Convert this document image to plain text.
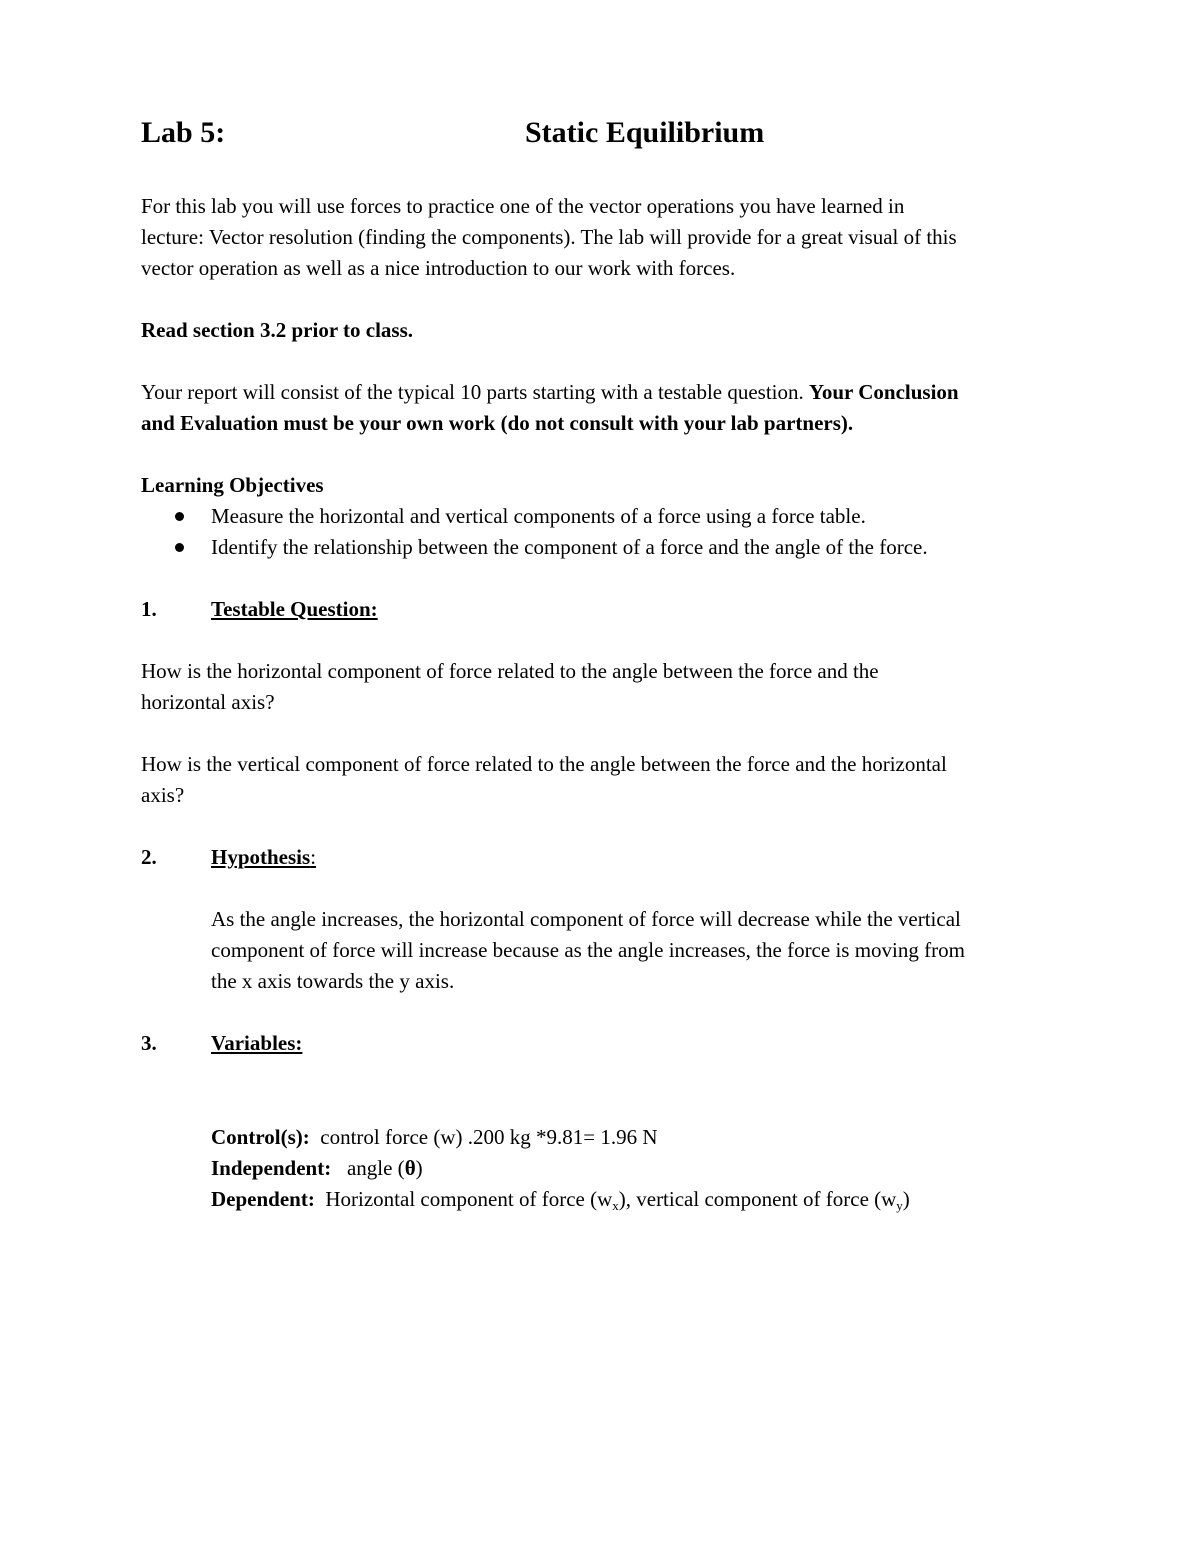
Lab 5:	Static Equilibrium
For this lab you will use forces to practice one of the vector operations you have learned in
lecture: Vector resolution (finding the components). The lab will provide for a great visual of this
vector operation as well as a nice introduction to our work with forces.
Read section 3.2 prior to class.
Your report will consist of the typical 10 parts starting with a testable question. Your Conclusion
and Evaluation must be your own work (do not consult with your lab partners).
Learning Objectives
Measure the horizontal and vertical components of a force using a force table.
Identify the relationship between the component of a force and the angle of the force.
1.	Testable Question:
How is the horizontal component of force related to the angle between the force and the
horizontal axis?
How is the vertical component of force related to the angle between the force and the horizontal
axis?
2.	Hypothesis:
As the angle increases, the horizontal component of force will decrease while the vertical
component of force will increase because as the angle increases, the force is moving from
the x axis towards the y axis.
3.	Variables:
Control(s): control force (w) .200 kg *9.81= 1.96 N
Independent: angle (θ)
Dependent: Horizontal component of force $(w_x)$, vertical component of force $(w_y)$
